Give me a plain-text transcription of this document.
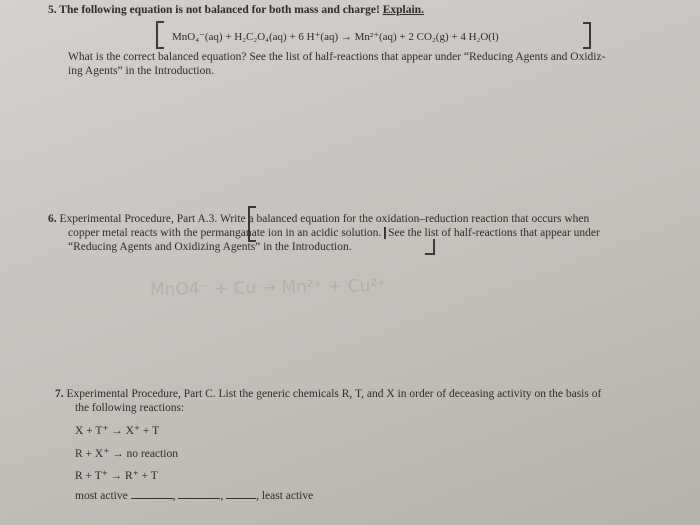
5. The following equation is not balanced for both mass and charge! Explain.
MnO₄⁻(aq) + H₂C₂O₄(aq) + 6 H⁺(aq) → Mn²⁺(aq) + 2 CO₂(g) + 4 H₂O(l)
What is the correct balanced equation? See the list of half-reactions that appear under “Reducing Agents and Oxidiz-
ing Agents” in the Introduction.
6. Experimental Procedure, Part A.3. Write a balanced equation for the oxidation–reduction reaction that occurs when
copper metal reacts with the permanganate ion in an acidic solution. See the list of half-reactions that appear under
“Reducing Agents and Oxidizing Agents” in the Introduction.
MnO4⁻ + Cu → Mn²⁺ + Cu²⁺
7. Experimental Procedure, Part C. List the generic chemicals R, T, and X in order of deceasing activity on the basis of
the following reactions:
X + T⁺ → X⁺ + T
R + X⁺ → no reaction
R + T⁺ → R⁺ + T
most active	,	,	, least active
